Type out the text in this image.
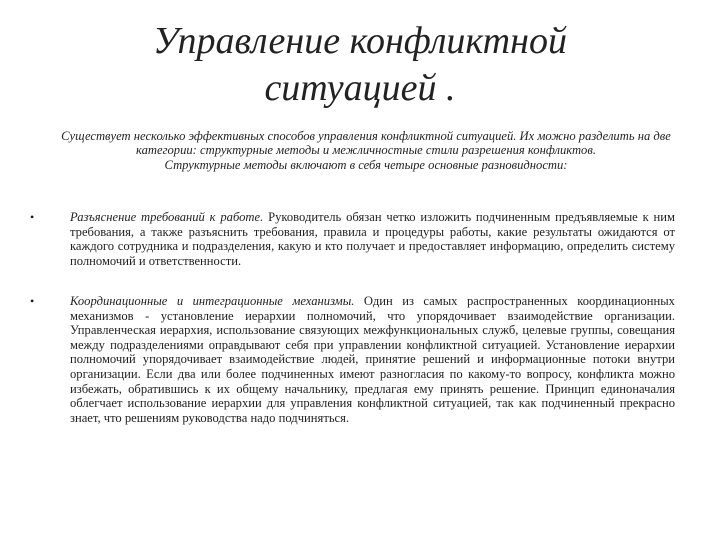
Управление конфликтной
ситуацией .

Существует несколько эффективных способов управления конфликтной ситуацией. Их можно разделить на две категории: структурные методы и межличностные стили разрешения конфликтов.

Структурные методы включают в себя четыре основные разновидности:

•	Разъяснение требований к работе. Руководитель обязан четко изложить подчиненным предъявляемые к ним требования, а также разъяснить требования, правила и процедуры работы, какие результаты ожидаются от каждого сотрудника и подразделения, какую и кто получает и предоставляет информацию, определить систему полномочий и ответственности.
•	Координационные и интеграционные механизмы. Один из самых распространенных координационных механизмов - установление иерархии полномочий, что упорядочивает взаимодействие организации. Управленческая иерархия, использование связующих межфункциональных служб, целевые группы, совещания между подразделениями оправдывают себя при управлении конфликтной ситуацией. Установление иерархии полномочий упорядочивает взаимодействие людей, принятие решений и информационные потоки внутри организации. Если два или более подчиненных имеют разногласия по какому-то вопросу, конфликта можно избежать, обратившись к их общему начальнику, предлагая ему принять решение. Принцип единоначалия облегчает использование иерархии для управления конфликтной ситуацией, так как подчиненный прекрасно знает, что решениям руководства надо подчиняться.
